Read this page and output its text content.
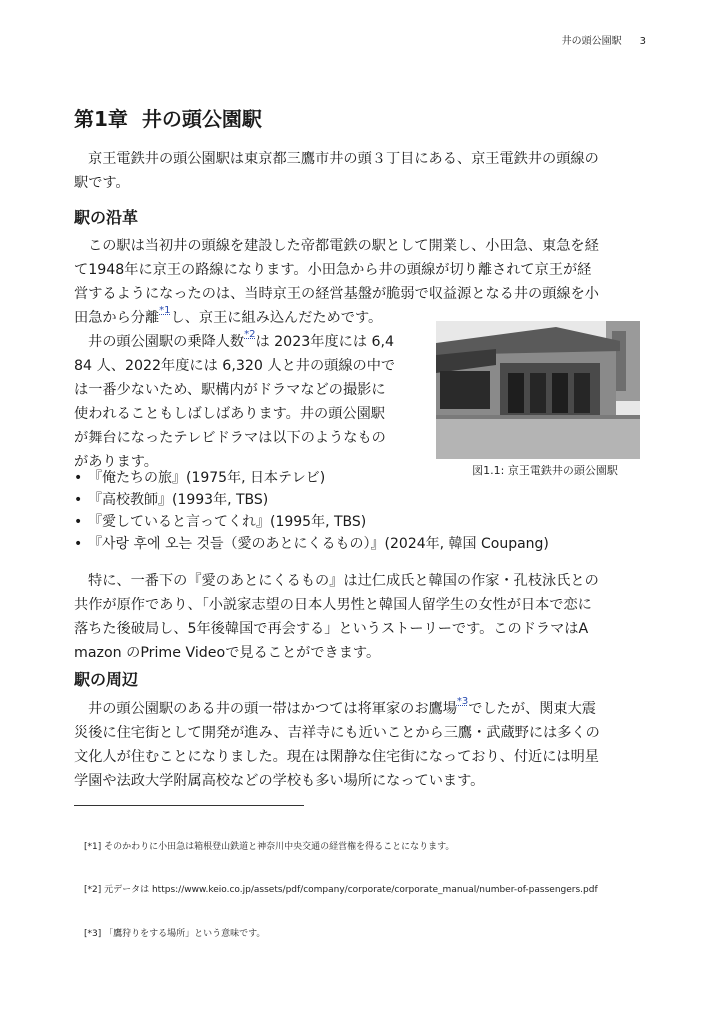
井の頭公園駅 3
第1章 井の頭公園駅
京王電鉄井の頭公園駅は東京都三鷹市井の頭３丁目にある、京王電鉄井の頭線の
駅です。
駅の沿革
この駅は当初井の頭線を建設した帝都電鉄の駅として開業し、小田急、東急を経
て1948年に京王の路線になります。小田急から井の頭線が切り離されて京王が経
営するようになったのは、当時京王の経営基盤が脆弱で収益源となる井の頭線を小
田急から分離$^{*1}$し、京王に組み込んだためです。
井の頭公園駅の乗降人数$^{*2}$は 2023年度には 6,4
84 人、2022年度には 6,320 人と井の頭線の中で
は一番少ないため、駅構内がドラマなどの撮影に
使われることもしばしばあります。井の頭公園駅
が舞台になったテレビドラマは以下のようなもの
があります。
図1.1: 京王電鉄井の頭公園駅
• 『俺たちの旅』(1975年, 日本テレビ)
• 『高校教師』(1993年, TBS)
• 『愛していると言ってくれ』(1995年, TBS)
• 『사랑 후에 오는 것들（愛のあとにくるもの）』(2024年, 韓国 Coupang)
特に、一番下の『愛のあとにくるもの』は辻仁成氏と韓国の作家・孔枝泳氏との
共作が原作であり、「小説家志望の日本人男性と韓国人留学生の女性が日本で恋に
落ちた後破局し、5年後韓国で再会する」というストーリーです。このドラマはA
mazon のPrime Videoで見ることができます。
駅の周辺
井の頭公園駅のある井の頭一帯はかつては将軍家のお鷹場$^{*3}$でしたが、関東大震
災後に住宅街として開発が進み、吉祥寺にも近いことから三鷹・武蔵野には多くの
文化人が住むことになりました。現在は閑静な住宅街になっており、付近には明星
学園や法政大学附属高校などの学校も多い場所になっています。
[*1] そのかわりに小田急は箱根登山鉄道と神奈川中央交通の経営権を得ることになります。
[*2] 元データは https://www.keio.co.jp/assets/pdf/company/corporate/corporate_manual/number-of-passengers.pdf
[*3] 「鷹狩りをする場所」という意味です。
